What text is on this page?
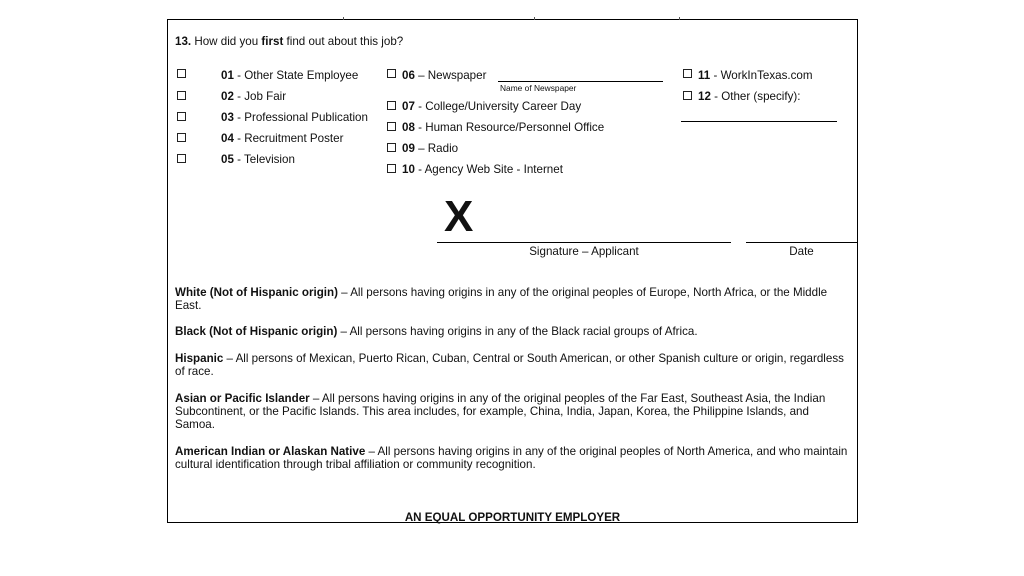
13. How did you first find out about this job?
01 - Other State Employee
02 - Job Fair
03 - Professional Publication
04 - Recruitment Poster
05 - Television
06 – Newspaper
Name of Newspaper
07 - College/University Career Day
08 - Human Resource/Personnel Office
09 – Radio
10 - Agency Web Site - Internet
11 - WorkInTexas.com
12 - Other (specify):
X
Signature – Applicant	Date
White (Not of Hispanic origin) – All persons having origins in any of the original peoples of Europe, North Africa, or the Middle East.
Black (Not of Hispanic origin) – All persons having origins in any of the Black racial groups of Africa.
Hispanic – All persons of Mexican, Puerto Rican, Cuban, Central or South American, or other Spanish culture or origin, regardless of race.
Asian or Pacific Islander – All persons having origins in any of the original peoples of the Far East, Southeast Asia, the Indian Subcontinent, or the Pacific Islands. This area includes, for example, China, India, Japan, Korea, the Philippine Islands, and Samoa.
American Indian or Alaskan Native – All persons having origins in any of the original peoples of North America, and who maintain cultural identification through tribal affiliation or community recognition.
AN EQUAL OPPORTUNITY EMPLOYER
